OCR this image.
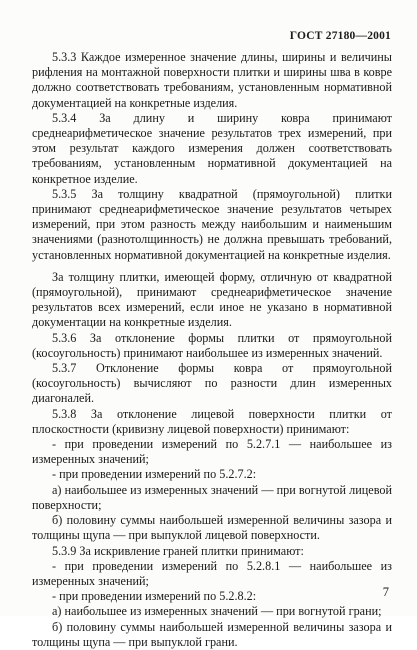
ГОСТ 27180—2001

5.3.3 Каждое измеренное значение длины, ширины и величины рифления на монтажной поверхности плитки и ширины шва в ковре должно соответствовать требованиям, установленным нормативной документацией на конкретные изделия.

5.3.4 За длину и ширину ковра принимают среднеарифметическое значение результатов трех измерений, при этом результат каждого измерения должен соответствовать требованиям, установленным нормативной документацией на конкретное изделие.

5.3.5 За толщину квадратной (прямоугольной) плитки принимают среднеарифметическое значение результатов четырех измерений, при этом разность между наибольшим и наименьшим значениями (разнотолщинность) не должна превышать требований, установленных нормативной документацией на конкретные изделия.

За толщину плитки, имеющей форму, отличную от квадратной (прямоугольной), принимают среднеарифметическое значение результатов всех измерений, если иное не указано в нормативной документации на конкретные изделия.

5.3.6 За отклонение формы плитки от прямоугольной (косоугольность) принимают наибольшее из измеренных значений.

5.3.7 Отклонение формы ковра от прямоугольной (косоугольность) вычисляют по разности длин измеренных диагоналей.

5.3.8 За отклонение лицевой поверхности плитки от плоскостности (кривизну лицевой поверхности) принимают:

- при проведении измерений по 5.2.7.1 — наибольшее из измеренных значений;

- при проведении измерений по 5.2.7.2:

а) наибольшее из измеренных значений — при вогнутой лицевой поверхности;

б) половину суммы наибольшей измеренной величины зазора и толщины щупа — при выпуклой лицевой поверхности.

5.3.9 За искривление граней плитки принимают:

- при проведении измерений по 5.2.8.1 — наибольшее из измеренных значений;

- при проведении измерений по 5.2.8.2:

а) наибольшее из измеренных значений — при вогнутой грани;

б) половину суммы наибольшей измеренной величины зазора и толщины щупа — при выпуклой грани.

7
